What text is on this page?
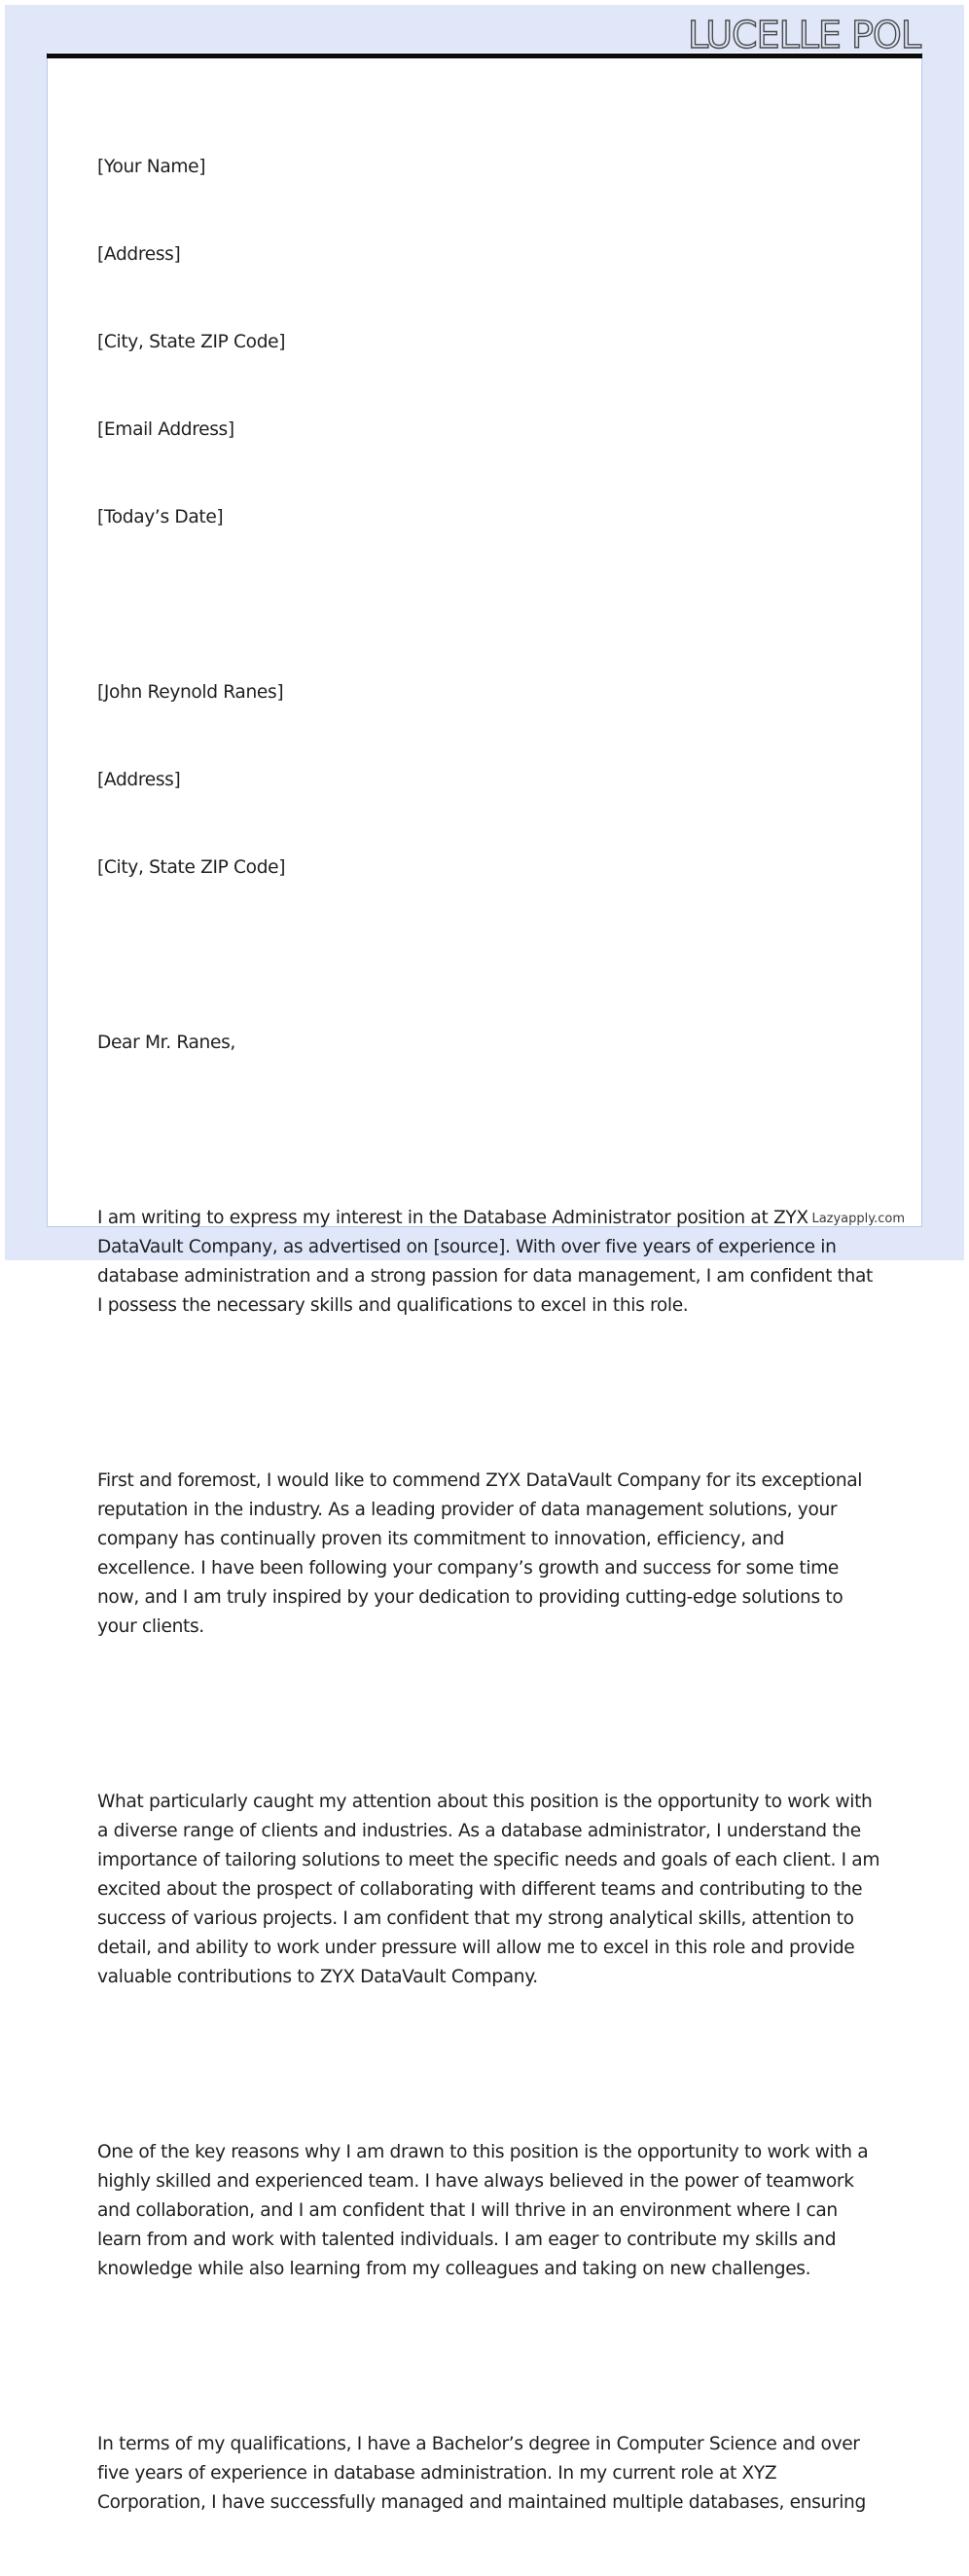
LUCELLE POL

[Your Name]

[Address]

[City, State ZIP Code]

[Email Address]

[Today’s Date]

[John Reynold Ranes]

[Address]

[City, State ZIP Code]

Dear Mr. Ranes,

I am writing to express my interest in the Database Administrator position at ZYX DataVault Company, as advertised on [source]. With over five years of experience in database administration and a strong passion for data management, I am confident that I possess the necessary skills and qualifications to excel in this role.

First and foremost, I would like to commend ZYX DataVault Company for its exceptional reputation in the industry. As a leading provider of data management solutions, your company has continually proven its commitment to innovation, efficiency, and excellence. I have been following your company’s growth and success for some time now, and I am truly inspired by your dedication to providing cutting-edge solutions to your clients.

What particularly caught my attention about this position is the opportunity to work with a diverse range of clients and industries. As a database administrator, I understand the importance of tailoring solutions to meet the specific needs and goals of each client. I am excited about the prospect of collaborating with different teams and contributing to the success of various projects. I am confident that my strong analytical skills, attention to detail, and ability to work under pressure will allow me to excel in this role and provide valuable contributions to ZYX DataVault Company.

One of the key reasons why I am drawn to this position is the opportunity to work with a highly skilled and experienced team. I have always believed in the power of teamwork and collaboration, and I am confident that I will thrive in an environment where I can learn from and work with talented individuals. I am eager to contribute my skills and knowledge while also learning from my colleagues and taking on new challenges.

In terms of my qualifications, I have a Bachelor’s degree in Computer Science and over five years of experience in database administration. In my current role at XYZ Corporation, I have successfully managed and maintained multiple databases, ensuring

Lazyapply.com
